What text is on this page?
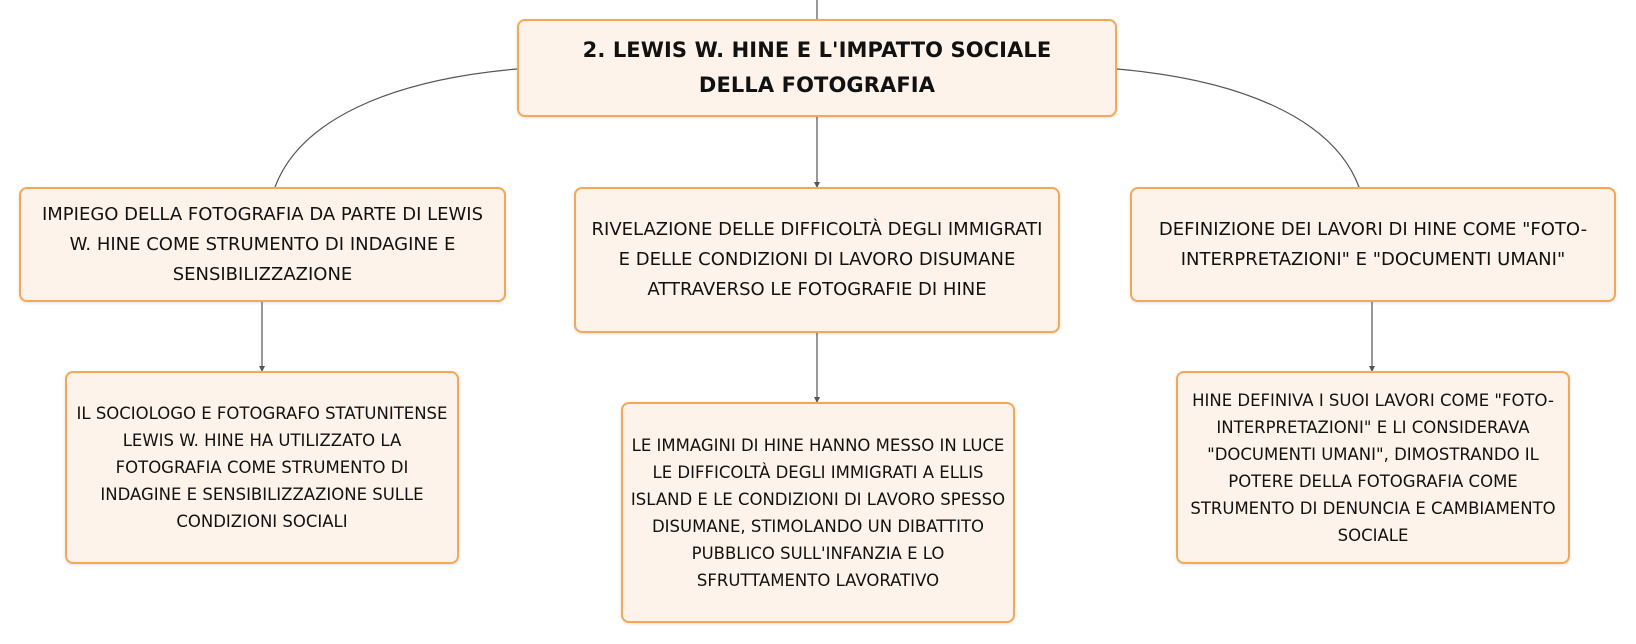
2. LEWIS W. HINE E L'IMPATTO SOCIALE DELLA FOTOGRAFIA
IMPIEGO DELLA FOTOGRAFIA DA PARTE DI LEWIS W. HINE COME STRUMENTO DI INDAGINE E SENSIBILIZZAZIONE
RIVELAZIONE DELLE DIFFICOLTÀ DEGLI IMMIGRATI E DELLE CONDIZIONI DI LAVORO DISUMANE ATTRAVERSO LE FOTOGRAFIE DI HINE
DEFINIZIONE DEI LAVORI DI HINE COME "FOTO-INTERPRETAZIONI" E "DOCUMENTI UMANI"
IL SOCIOLOGO E FOTOGRAFO STATUNITENSE LEWIS W. HINE HA UTILIZZATO LA FOTOGRAFIA COME STRUMENTO DI INDAGINE E SENSIBILIZZAZIONE SULLE CONDIZIONI SOCIALI
LE IMMAGINI DI HINE HANNO MESSO IN LUCE LE DIFFICOLTÀ DEGLI IMMIGRATI A ELLIS ISLAND E LE CONDIZIONI DI LAVORO SPESSO DISUMANE, STIMOLANDO UN DIBATTITO PUBBLICO SULL'INFANZIA E LO SFRUTTAMENTO LAVORATIVO
HINE DEFINIVA I SUOI LAVORI COME "FOTO-INTERPRETAZIONI" E LI CONSIDERAVA "DOCUMENTI UMANI", DIMOSTRANDO IL POTERE DELLA FOTOGRAFIA COME STRUMENTO DI DENUNCIA E CAMBIAMENTO SOCIALE
